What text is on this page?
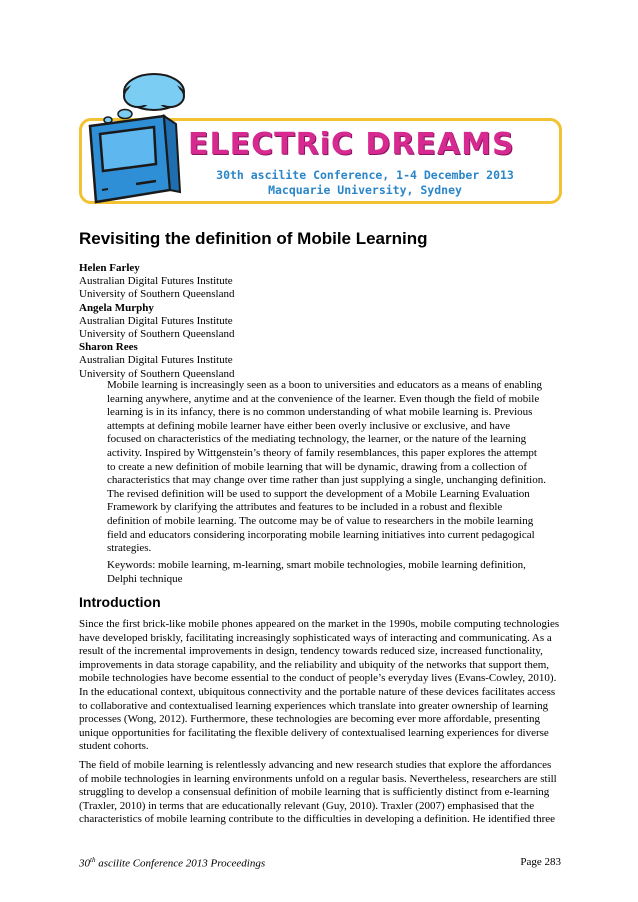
ELECTRiC DREAMS
30th ascilite Conference, 1-4 December 2013
Macquarie University, Sydney
Revisiting the definition of Mobile Learning
Helen Farley
Australian Digital Futures Institute
University of Southern Queensland
Angela Murphy
Australian Digital Futures Institute
University of Southern Queensland
Sharon Rees
Australian Digital Futures Institute
University of Southern Queensland
Mobile learning is increasingly seen as a boon to universities and educators as a means of enabling learning anywhere, anytime and at the convenience of the learner. Even though the field of mobile learning is in its infancy, there is no common understanding of what mobile learning is. Previous attempts at defining mobile learner have either been overly inclusive or exclusive, and have focused on characteristics of the mediating technology, the learner, or the nature of the learning activity. Inspired by Wittgenstein’s theory of family resemblances, this paper explores the attempt to create a new definition of mobile learning that will be dynamic, drawing from a collection of characteristics that may change over time rather than just supplying a single, unchanging definition. The revised definition will be used to support the development of a Mobile Learning Evaluation Framework by clarifying the attributes and features to be included in a robust and flexible definition of mobile learning. The outcome may be of value to researchers in the mobile learning field and educators considering incorporating mobile learning initiatives into current pedagogical strategies.
Keywords: mobile learning, m-learning, smart mobile technologies, mobile learning definition, Delphi technique
Introduction
Since the first brick-like mobile phones appeared on the market in the 1990s, mobile computing technologies have developed briskly, facilitating increasingly sophisticated ways of interacting and communicating. As a result of the incremental improvements in design, tendency towards reduced size, increased functionality, improvements in data storage capability, and the reliability and ubiquity of the networks that support them, mobile technologies have become essential to the conduct of people’s everyday lives (Evans-Cowley, 2010). In the educational context, ubiquitous connectivity and the portable nature of these devices facilitates access to collaborative and contextualised learning experiences which translate into greater ownership of learning processes (Wong, 2012). Furthermore, these technologies are becoming ever more affordable, presenting unique opportunities for facilitating the flexible delivery of contextualised learning experiences for diverse student cohorts.
The field of mobile learning is relentlessly advancing and new research studies that explore the affordances of mobile technologies in learning environments unfold on a regular basis. Nevertheless, researchers are still struggling to develop a consensual definition of mobile learning that is sufficiently distinct from e-learning (Traxler, 2010) in terms that are educationally relevant (Guy, 2010). Traxler (2007) emphasised that the characteristics of mobile learning contribute to the difficulties in developing a definition. He identified three
30th ascilite Conference 2013 Proceedings	Page 283
